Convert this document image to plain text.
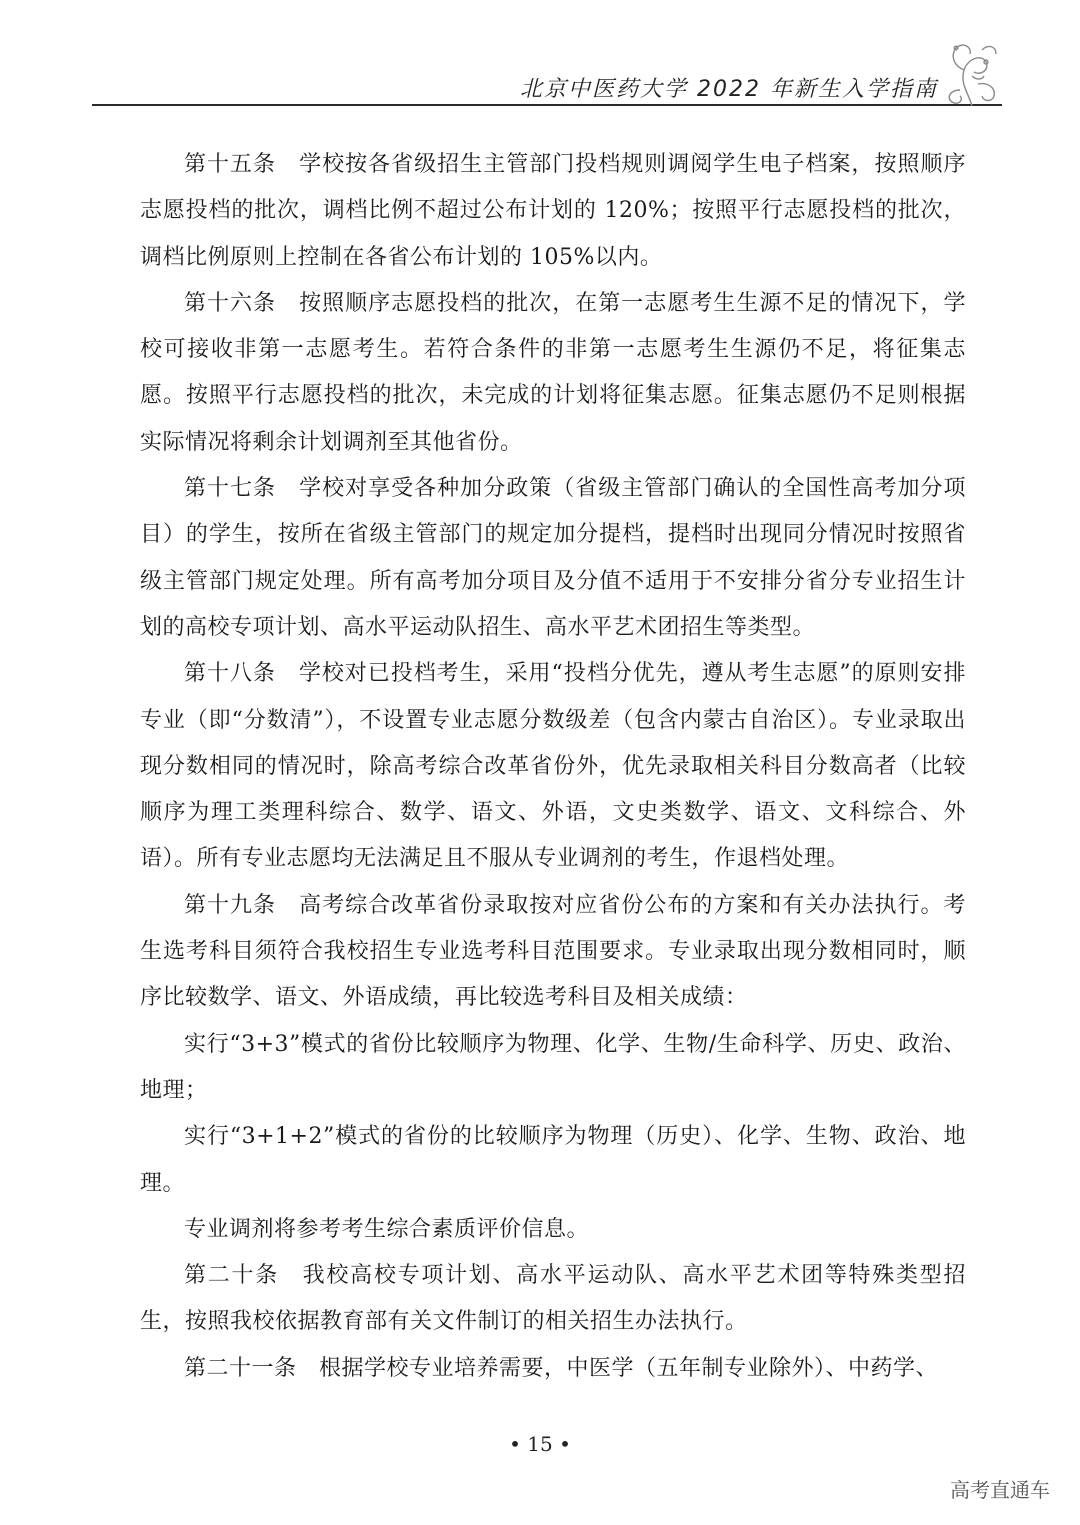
北京中医药大学 2022 年新生入学指南

第十五条　学校按各省级招生主管部门投档规则调阅学生电子档案，按照顺序志愿投档的批次，调档比例不超过公布计划的 120%；按照平行志愿投档的批次，调档比例原则上控制在各省公布计划的 105%以内。

第十六条　按照顺序志愿投档的批次，在第一志愿考生生源不足的情况下，学校可接收非第一志愿考生。若符合条件的非第一志愿考生生源仍不足，将征集志愿。按照平行志愿投档的批次，未完成的计划将征集志愿。征集志愿仍不足则根据实际情况将剩余计划调剂至其他省份。

第十七条　学校对享受各种加分政策（省级主管部门确认的全国性高考加分项目）的学生，按所在省级主管部门的规定加分提档，提档时出现同分情况时按照省级主管部门规定处理。所有高考加分项目及分值不适用于不安排分省分专业招生计划的高校专项计划、高水平运动队招生、高水平艺术团招生等类型。

第十八条　学校对已投档考生，采用“投档分优先，遵从考生志愿”的原则安排专业（即“分数清”），不设置专业志愿分数级差（包含内蒙古自治区）。专业录取出现分数相同的情况时，除高考综合改革省份外，优先录取相关科目分数高者（比较顺序为理工类理科综合、数学、语文、外语，文史类数学、语文、文科综合、外语）。所有专业志愿均无法满足且不服从专业调剂的考生，作退档处理。

第十九条　高考综合改革省份录取按对应省份公布的方案和有关办法执行。考生选考科目须符合我校招生专业选考科目范围要求。专业录取出现分数相同时，顺序比较数学、语文、外语成绩，再比较选考科目及相关成绩：

实行“3+3”模式的省份比较顺序为物理、化学、生物/生命科学、历史、政治、地理；

实行“3+1+2”模式的省份的比较顺序为物理（历史）、化学、生物、政治、地理。

专业调剂将参考考生综合素质评价信息。

第二十条　我校高校专项计划、高水平运动队、高水平艺术团等特殊类型招生，按照我校依据教育部有关文件制订的相关招生办法执行。

第二十一条　根据学校专业培养需要，中医学（五年制专业除外）、中药学、

• 15 •
高考直通车
